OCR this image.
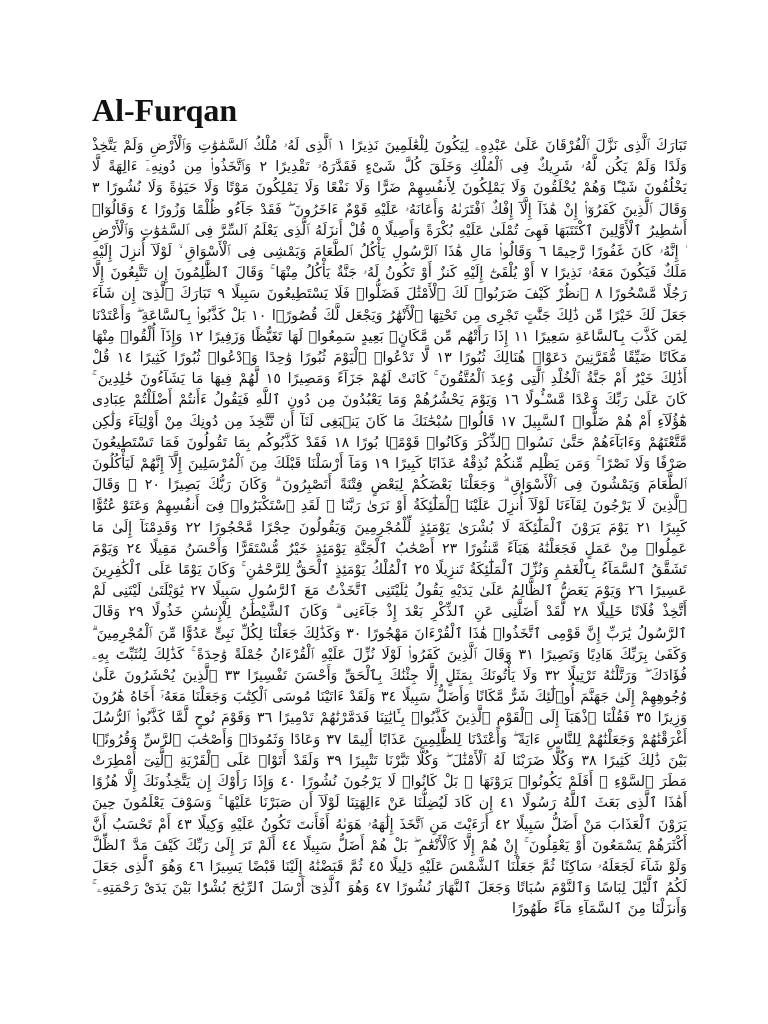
Al-Furqan

تَبَارَكَ ٱلَّذِى نَزَّلَ ٱلْفُرْقَانَ عَلَىٰ عَبْدِهِۦ لِيَكُونَ لِلْعَٰلَمِينَ نَذِيرًا ١ ٱلَّذِى لَهُۥ مُلْكُ ٱلسَّمَٰوَٰتِ وَٱلْأَرْضِ وَلَمْ يَتَّخِذْ وَلَدًا وَلَمْ يَكُن لَّهُۥ شَرِيكٌ فِى ٱلْمُلْكِ وَخَلَقَ كُلَّ شَىْءٍ فَقَدَّرَهُۥ تَقْدِيرًا ٢ وَٱتَّخَذُوا۟ مِن دُونِهِۦٓ ءَالِهَةً لَّا يَخْلُقُونَ شَيْـًٔا وَهُمْ يُخْلَقُونَ وَلَا يَمْلِكُونَ لِأَنفُسِهِمْ ضَرًّا وَلَا نَفْعًا وَلَا يَمْلِكُونَ مَوْتًا وَلَا حَيَوٰةً وَلَا نُشُورًا ٣ وَقَالَ ٱلَّذِينَ كَفَرُوٓا۟ إِنْ هَٰذَآ إِلَّآ إِفْكٌ ٱفْتَرَىٰهُ وَأَعَانَهُۥ عَلَيْهِ قَوْمٌ ءَاخَرُونَ ۖ فَقَدْ جَآءُو ظُلْمًا وَزُورًا ٤ وَقَالُوٓا۟ أَسَٰطِيرُ ٱلْأَوَّلِينَ ٱكْتَتَبَهَا فَهِىَ تُمْلَىٰ عَلَيْهِ بُكْرَةً وَأَصِيلًا ٥ قُلْ أَنزَلَهُ ٱلَّذِى يَعْلَمُ ٱلسِّرَّ فِى ٱلسَّمَٰوَٰتِ وَٱلْأَرْضِ ۚ إِنَّهُۥ كَانَ غَفُورًا رَّحِيمًا ٦ وَقَالُوا۟ مَالِ هَٰذَا ٱلرَّسُولِ يَأْكُلُ ٱلطَّعَامَ وَيَمْشِى فِى ٱلْأَسْوَاقِ ۙ لَوْلَآ أُنزِلَ إِلَيْهِ مَلَكٌ فَيَكُونَ مَعَهُۥ نَذِيرًا ٧ أَوْ يُلْقَىٰٓ إِلَيْهِ كَنزٌ أَوْ تَكُونُ لَهُۥ جَنَّةٌ يَأْكُلُ مِنْهَا ۚ وَقَالَ ٱلظَّٰلِمُونَ إِن تَتَّبِعُونَ إِلَّا رَجُلًا مَّسْحُورًا ٨ ٱنظُرْ كَيْفَ ضَرَبُوا۟ لَكَ ٱلْأَمْثَٰلَ فَضَلُّوا۟ فَلَا يَسْتَطِيعُونَ سَبِيلًا ٩ تَبَارَكَ ٱلَّذِىٓ إِن شَآءَ جَعَلَ لَكَ خَيْرًا مِّن ذَٰلِكَ جَنَّٰتٍ تَجْرِى مِن تَحْتِهَا ٱلْأَنْهَٰرُ وَيَجْعَل لَّكَ قُصُورًۢا ١٠ بَلْ كَذَّبُوا۟ بِٱلسَّاعَةِ ۖ وَأَعْتَدْنَا لِمَن كَذَّبَ بِٱلسَّاعَةِ سَعِيرًا ١١ إِذَا رَأَتْهُم مِّن مَّكَانٍۭ بَعِيدٍ سَمِعُوا۟ لَهَا تَغَيُّظًا وَزَفِيرًا ١٢ وَإِذَآ أُلْقُوا۟ مِنْهَا مَكَانًا ضَيِّقًا مُّقَرَّنِينَ دَعَوْا۟ هُنَالِكَ ثُبُورًا ١٣ لَّا تَدْعُوا۟ ٱلْيَوْمَ ثُبُورًا وَٰحِدًا وَٱدْعُوا۟ ثُبُورًا كَثِيرًا ١٤ قُلْ أَذَٰلِكَ خَيْرٌ أَمْ جَنَّةُ ٱلْخُلْدِ ٱلَّتِى وُعِدَ ٱلْمُتَّقُونَ ۚ كَانَتْ لَهُمْ جَزَآءً وَمَصِيرًا ١٥ لَّهُمْ فِيهَا مَا يَشَآءُونَ خَٰلِدِينَ ۚ كَانَ عَلَىٰ رَبِّكَ وَعْدًا مَّسْـُٔولًا ١٦ وَيَوْمَ يَحْشُرُهُمْ وَمَا يَعْبُدُونَ مِن دُونِ ٱللَّهِ فَيَقُولُ ءَأَنتُمْ أَضْلَلْتُمْ عِبَادِى هَٰٓؤُلَآءِ أَمْ هُمْ ضَلُّوا۟ ٱلسَّبِيلَ ١٧ قَالُوا۟ سُبْحَٰنَكَ مَا كَانَ يَنۢبَغِى لَنَآ أَن نَّتَّخِذَ مِن دُونِكَ مِنْ أَوْلِيَآءَ وَلَٰكِن مَّتَّعْتَهُمْ وَءَابَآءَهُمْ حَتَّىٰ نَسُوا۟ ٱلذِّكْرَ وَكَانُوا۟ قَوْمًۢا بُورًا ١٨ فَقَدْ كَذَّبُوكُم بِمَا تَقُولُونَ فَمَا تَسْتَطِيعُونَ صَرْفًا وَلَا نَصْرًا ۚ وَمَن يَظْلِم مِّنكُمْ نُذِقْهُ عَذَابًا كَبِيرًا ١٩ وَمَآ أَرْسَلْنَا قَبْلَكَ مِنَ ٱلْمُرْسَلِينَ إِلَّآ إِنَّهُمْ لَيَأْكُلُونَ ٱلطَّعَامَ وَيَمْشُونَ فِى ٱلْأَسْوَاقِ ۗ وَجَعَلْنَا بَعْضَكُمْ لِبَعْضٍ فِتْنَةً أَتَصْبِرُونَ ۗ وَكَانَ رَبُّكَ بَصِيرًا ٢٠ ۞ وَقَالَ ٱلَّذِينَ لَا يَرْجُونَ لِقَآءَنَا لَوْلَآ أُنزِلَ عَلَيْنَا ٱلْمَلَٰٓئِكَةُ أَوْ نَرَىٰ رَبَّنَا ۗ لَقَدِ ٱسْتَكْبَرُوا۟ فِىٓ أَنفُسِهِمْ وَعَتَوْ عُتُوًّا كَبِيرًا ٢١ يَوْمَ يَرَوْنَ ٱلْمَلَٰٓئِكَةَ لَا بُشْرَىٰ يَوْمَئِذٍ لِّلْمُجْرِمِينَ وَيَقُولُونَ حِجْرًا مَّحْجُورًا ٢٢ وَقَدِمْنَآ إِلَىٰ مَا عَمِلُوا۟ مِنْ عَمَلٍ فَجَعَلْنَٰهُ هَبَآءً مَّنثُورًا ٢٣ أَصْحَٰبُ ٱلْجَنَّةِ يَوْمَئِذٍ خَيْرٌ مُّسْتَقَرًّا وَأَحْسَنُ مَقِيلًا ٢٤ وَيَوْمَ تَشَقَّقُ ٱلسَّمَآءُ بِٱلْغَمَٰمِ وَنُزِّلَ ٱلْمَلَٰٓئِكَةُ تَنزِيلًا ٢٥ ٱلْمُلْكُ يَوْمَئِذٍ ٱلْحَقُّ لِلرَّحْمَٰنِ ۚ وَكَانَ يَوْمًا عَلَى ٱلْكَٰفِرِينَ عَسِيرًا ٢٦ وَيَوْمَ يَعَضُّ ٱلظَّالِمُ عَلَىٰ يَدَيْهِ يَقُولُ يَٰلَيْتَنِى ٱتَّخَذْتُ مَعَ ٱلرَّسُولِ سَبِيلًا ٢٧ يَٰوَيْلَتَىٰ لَيْتَنِى لَمْ أَتَّخِذْ فُلَانًا خَلِيلًا ٢٨ لَّقَدْ أَضَلَّنِى عَنِ ٱلذِّكْرِ بَعْدَ إِذْ جَآءَنِى ۗ وَكَانَ ٱلشَّيْطَٰنُ لِلْإِنسَٰنِ خَذُولًا ٢٩ وَقَالَ ٱلرَّسُولُ يَٰرَبِّ إِنَّ قَوْمِى ٱتَّخَذُوا۟ هَٰذَا ٱلْقُرْءَانَ مَهْجُورًا ٣٠ وَكَذَٰلِكَ جَعَلْنَا لِكُلِّ نَبِىٍّ عَدُوًّا مِّنَ ٱلْمُجْرِمِينَ ۗ وَكَفَىٰ بِرَبِّكَ هَادِيًا وَنَصِيرًا ٣١ وَقَالَ ٱلَّذِينَ كَفَرُوا۟ لَوْلَا نُزِّلَ عَلَيْهِ ٱلْقُرْءَانُ جُمْلَةً وَٰحِدَةً ۚ كَذَٰلِكَ لِنُثَبِّتَ بِهِۦ فُؤَادَكَ ۖ وَرَتَّلْنَٰهُ تَرْتِيلًا ٣٢ وَلَا يَأْتُونَكَ بِمَثَلٍ إِلَّا جِئْنَٰكَ بِٱلْحَقِّ وَأَحْسَنَ تَفْسِيرًا ٣٣ ٱلَّذِينَ يُحْشَرُونَ عَلَىٰ وُجُوهِهِمْ إِلَىٰ جَهَنَّمَ أُو۟لَٰٓئِكَ شَرٌّ مَّكَانًا وَأَضَلُّ سَبِيلًا ٣٤ وَلَقَدْ ءَاتَيْنَا مُوسَى ٱلْكِتَٰبَ وَجَعَلْنَا مَعَهُۥٓ أَخَاهُ هَٰرُونَ وَزِيرًا ٣٥ فَقُلْنَا ٱذْهَبَآ إِلَى ٱلْقَوْمِ ٱلَّذِينَ كَذَّبُوا۟ بِـَٔايَٰتِنَا فَدَمَّرْنَٰهُمْ تَدْمِيرًا ٣٦ وَقَوْمَ نُوحٍ لَّمَّا كَذَّبُوا۟ ٱلرُّسُلَ أَغْرَقْنَٰهُمْ وَجَعَلْنَٰهُمْ لِلنَّاسِ ءَايَةً ۖ وَأَعْتَدْنَا لِلظَّٰلِمِينَ عَذَابًا أَلِيمًا ٣٧ وَعَادًا وَثَمُودَا۟ وَأَصْحَٰبَ ٱلرَّسِّ وَقُرُونًۢا بَيْنَ ذَٰلِكَ كَثِيرًا ٣٨ وَكُلًّا ضَرَبْنَا لَهُ ٱلْأَمْثَٰلَ ۖ وَكُلًّا تَبَّرْنَا تَتْبِيرًا ٣٩ وَلَقَدْ أَتَوْا۟ عَلَى ٱلْقَرْيَةِ ٱلَّتِىٓ أُمْطِرَتْ مَطَرَ ٱلسَّوْءِ ۚ أَفَلَمْ يَكُونُوا۟ يَرَوْنَهَا ۚ بَلْ كَانُوا۟ لَا يَرْجُونَ نُشُورًا ٤٠ وَإِذَا رَأَوْكَ إِن يَتَّخِذُونَكَ إِلَّا هُزُوًا أَهَٰذَا ٱلَّذِى بَعَثَ ٱللَّهُ رَسُولًا ٤١ إِن كَادَ لَيُضِلُّنَا عَنْ ءَالِهَتِنَا لَوْلَآ أَن صَبَرْنَا عَلَيْهَا ۚ وَسَوْفَ يَعْلَمُونَ حِينَ يَرَوْنَ ٱلْعَذَابَ مَنْ أَضَلُّ سَبِيلًا ٤٢ أَرَءَيْتَ مَنِ ٱتَّخَذَ إِلَٰهَهُۥ هَوَىٰهُ أَفَأَنتَ تَكُونُ عَلَيْهِ وَكِيلًا ٤٣ أَمْ تَحْسَبُ أَنَّ أَكْثَرَهُمْ يَسْمَعُونَ أَوْ يَعْقِلُونَ ۚ إِنْ هُمْ إِلَّا كَٱلْأَنْعَٰمِ ۖ بَلْ هُمْ أَضَلُّ سَبِيلًا ٤٤ أَلَمْ تَرَ إِلَىٰ رَبِّكَ كَيْفَ مَدَّ ٱلظِّلَّ وَلَوْ شَآءَ لَجَعَلَهُۥ سَاكِنًا ثُمَّ جَعَلْنَا ٱلشَّمْسَ عَلَيْهِ دَلِيلًا ٤٥ ثُمَّ قَبَضْنَٰهُ إِلَيْنَا قَبْضًا يَسِيرًا ٤٦ وَهُوَ ٱلَّذِى جَعَلَ لَكُمُ ٱلَّيْلَ لِبَاسًا وَٱلنَّوْمَ سُبَاتًا وَجَعَلَ ٱلنَّهَارَ نُشُورًا ٤٧ وَهُوَ ٱلَّذِىٓ أَرْسَلَ ٱلرِّيَٰحَ بُشْرًۢا بَيْنَ يَدَىْ رَحْمَتِهِۦ ۚ وَأَنزَلْنَا مِنَ ٱلسَّمَآءِ مَآءً طَهُورًا
